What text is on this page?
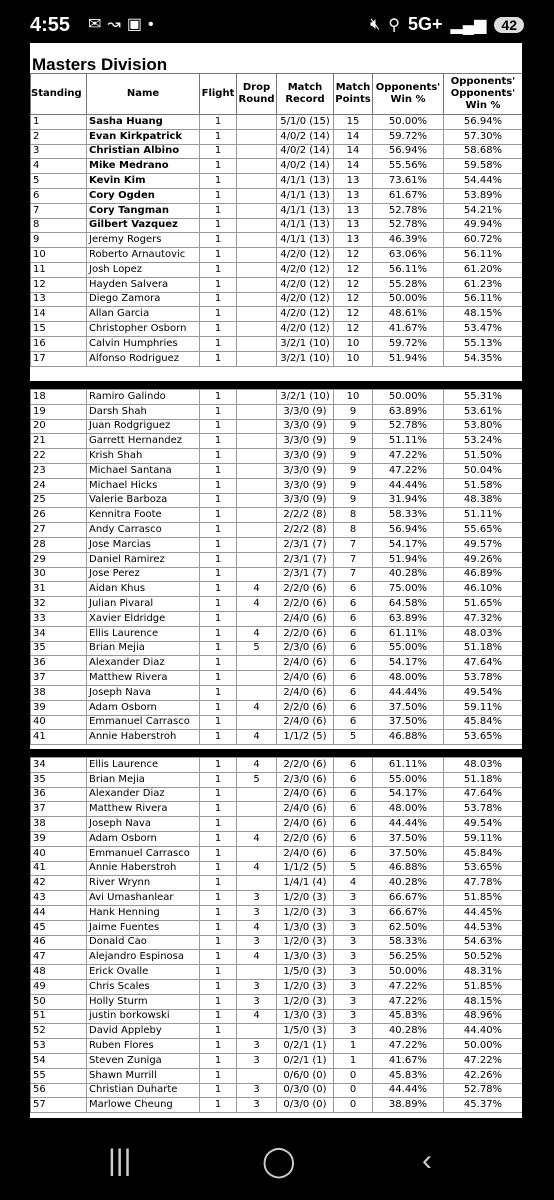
4:55 ✉↝▣•	🔇︎ ⚲ 5G+ ▂▄▆	42
Masters Division
Standing	Name	Flight	Drop Round	Match Record	Match Points	Opponents' Win %	Opponents' Opponents' Win %
1	Sasha Huang	1		5/1/0 (15)	15	50.00%	56.94%
2	Evan Kirkpatrick	1		4/0/2 (14)	14	59.72%	57.30%
3	Christian Albino	1		4/0/2 (14)	14	56.94%	58.68%
4	Mike Medrano	1		4/0/2 (14)	14	55.56%	59.58%
5	Kevin Kim	1		4/1/1 (13)	13	73.61%	54.44%
6	Cory Ogden	1		4/1/1 (13)	13	61.67%	53.89%
7	Cory Tangman	1		4/1/1 (13)	13	52.78%	54.21%
8	Gilbert Vazquez	1		4/1/1 (13)	13	52.78%	49.94%
9	Jeremy Rogers	1		4/1/1 (13)	13	46.39%	60.72%
10	Roberto Arnautovic	1		4/2/0 (12)	12	63.06%	56.11%
11	Josh Lopez	1		4/2/0 (12)	12	56.11%	61.20%
12	Hayden Salvera	1		4/2/0 (12)	12	55.28%	61.23%
13	Diego Zamora	1		4/2/0 (12)	12	50.00%	56.11%
14	Allan Garcia	1		4/2/0 (12)	12	48.61%	48.15%
15	Christopher Osborn	1		4/2/0 (12)	12	41.67%	53.47%
16	Calvin Humphries	1		3/2/1 (10)	10	59.72%	55.13%
17	Alfonso Rodriguez	1		3/2/1 (10)	10	51.94%	54.35%
18	Ramiro Galindo	1		3/2/1 (10)	10	50.00%	55.31%
19	Darsh Shah	1		3/3/0 (9)	9	63.89%	53.61%
20	Juan Rodgriguez	1		3/3/0 (9)	9	52.78%	53.80%
21	Garrett Hernandez	1		3/3/0 (9)	9	51.11%	53.24%
22	Krish Shah	1		3/3/0 (9)	9	47.22%	51.50%
23	Michael Santana	1		3/3/0 (9)	9	47.22%	50.04%
24	Michael Hicks	1		3/3/0 (9)	9	44.44%	51.58%
25	Valerie Barboza	1		3/3/0 (9)	9	31.94%	48.38%
26	Kennitra Foote	1		2/2/2 (8)	8	58.33%	51.11%
27	Andy Carrasco	1		2/2/2 (8)	8	56.94%	55.65%
28	Jose Marcias	1		2/3/1 (7)	7	54.17%	49.57%
29	Daniel Ramirez	1		2/3/1 (7)	7	51.94%	49.26%
30	Jose Perez	1		2/3/1 (7)	7	40.28%	46.89%
31	Aidan Khus	1	4	2/2/0 (6)	6	75.00%	46.10%
32	Julian Pivaral	1	4	2/2/0 (6)	6	64.58%	51.65%
33	Xavier Eldridge	1		2/4/0 (6)	6	63.89%	47.32%
34	Ellis Laurence	1	4	2/2/0 (6)	6	61.11%	48.03%
35	Brian Mejia	1	5	2/3/0 (6)	6	55.00%	51.18%
36	Alexander Diaz	1		2/4/0 (6)	6	54.17%	47.64%
37	Matthew Rivera	1		2/4/0 (6)	6	48.00%	53.78%
38	Joseph Nava	1		2/4/0 (6)	6	44.44%	49.54%
39	Adam Osborn	1	4	2/2/0 (6)	6	37.50%	59.11%
40	Emmanuel Carrasco	1		2/4/0 (6)	6	37.50%	45.84%
41	Annie Haberstroh	1	4	1/1/2 (5)	5	46.88%	53.65%
34	Ellis Laurence	1	4	2/2/0 (6)	6	61.11%	48.03%
35	Brian Mejia	1	5	2/3/0 (6)	6	55.00%	51.18%
36	Alexander Diaz	1		2/4/0 (6)	6	54.17%	47.64%
37	Matthew Rivera	1		2/4/0 (6)	6	48.00%	53.78%
38	Joseph Nava	1		2/4/0 (6)	6	44.44%	49.54%
39	Adam Osborn	1	4	2/2/0 (6)	6	37.50%	59.11%
40	Emmanuel Carrasco	1		2/4/0 (6)	6	37.50%	45.84%
41	Annie Haberstroh	1	4	1/1/2 (5)	5	46.88%	53.65%
42	River Wrynn	1		1/4/1 (4)	4	40.28%	47.78%
43	Avi Umashanlear	1	3	1/2/0 (3)	3	66.67%	51.85%
44	Hank Henning	1	3	1/2/0 (3)	3	66.67%	44.45%
45	Jaime Fuentes	1	4	1/3/0 (3)	3	62.50%	44.53%
46	Donald Cao	1	3	1/2/0 (3)	3	58.33%	54.63%
47	Alejandro Espinosa	1	4	1/3/0 (3)	3	56.25%	50.52%
48	Erick Ovalle	1		1/5/0 (3)	3	50.00%	48.31%
49	Chris Scales	1	3	1/2/0 (3)	3	47.22%	51.85%
50	Holly Sturm	1	3	1/2/0 (3)	3	47.22%	48.15%
51	justin borkowski	1	4	1/3/0 (3)	3	45.83%	48.96%
52	David Appleby	1		1/5/0 (3)	3	40.28%	44.40%
53	Ruben Flores	1	3	0/2/1 (1)	1	47.22%	50.00%
54	Steven Zuniga	1	3	0/2/1 (1)	1	41.67%	47.22%
55	Shawn Murrill	1		0/6/0 (0)	0	45.83%	42.26%
56	Christian Duharte	1	3	0/3/0 (0)	0	44.44%	52.78%
57	Marlowe Cheung	1	3	0/3/0 (0)	0	38.89%	45.37%
|||	◯	‹
